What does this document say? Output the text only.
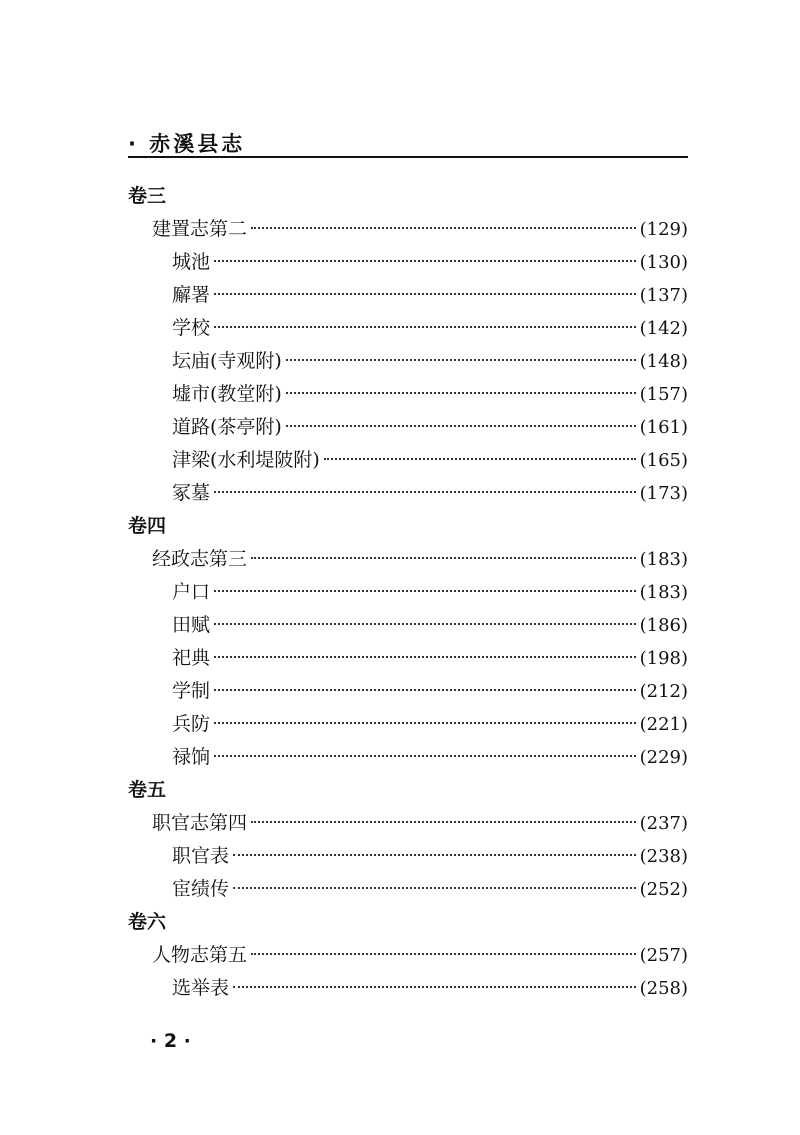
· 赤溪县志
卷三
建置志第二	(129)
城池	(130)
廨署	(137)
学校	(142)
坛庙(寺观附)	(148)
墟市(教堂附)	(157)
道路(茶亭附)	(161)
津梁(水利堤陂附)	(165)
冢墓	(173)
卷四
经政志第三	(183)
户口	(183)
田赋	(186)
祀典	(198)
学制	(212)
兵防	(221)
禄饷	(229)
卷五
职官志第四	(237)
职官表	(238)
宦绩传	(252)
卷六
人物志第五	(257)
选举表	(258)
· 2 ·
